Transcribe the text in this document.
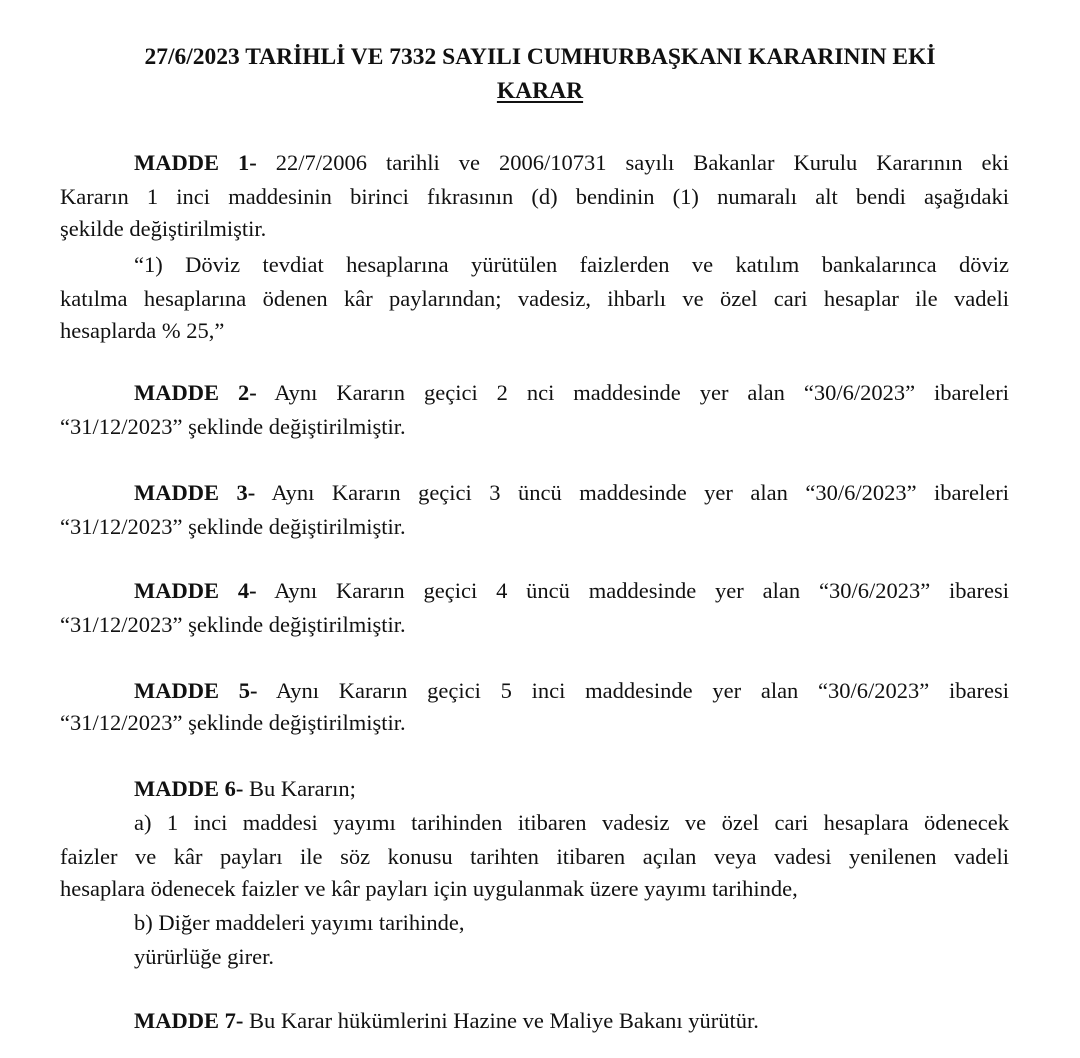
27/6/2023 TARİHLİ VE 7332 SAYILI CUMHURBAŞKANI KARARININ EKİ
KARAR
MADDE 1- 22/7/2006 tarihli ve 2006/10731 sayılı Bakanlar Kurulu Kararının eki
Kararın 1 inci maddesinin birinci fıkrasının (d) bendinin (1) numaralı alt bendi aşağıdaki
şekilde değiştirilmiştir.
“1) Döviz tevdiat hesaplarına yürütülen faizlerden ve katılım bankalarınca döviz
katılma hesaplarına ödenen kâr paylarından; vadesiz, ihbarlı ve özel cari hesaplar ile vadeli
hesaplarda % 25,”
MADDE 2- Aynı Kararın geçici 2 nci maddesinde yer alan “30/6/2023” ibareleri
“31/12/2023” şeklinde değiştirilmiştir.
MADDE 3- Aynı Kararın geçici 3 üncü maddesinde yer alan “30/6/2023” ibareleri
“31/12/2023” şeklinde değiştirilmiştir.
MADDE 4- Aynı Kararın geçici 4 üncü maddesinde yer alan “30/6/2023” ibaresi
“31/12/2023” şeklinde değiştirilmiştir.
MADDE 5- Aynı Kararın geçici 5 inci maddesinde yer alan “30/6/2023” ibaresi
“31/12/2023” şeklinde değiştirilmiştir.
MADDE 6- Bu Kararın;
a) 1 inci maddesi yayımı tarihinden itibaren vadesiz ve özel cari hesaplara ödenecek
faizler ve kâr payları ile söz konusu tarihten itibaren açılan veya vadesi yenilenen vadeli
hesaplara ödenecek faizler ve kâr payları için uygulanmak üzere yayımı tarihinde,
b) Diğer maddeleri yayımı tarihinde,
yürürlüğe girer.
MADDE 7- Bu Karar hükümlerini Hazine ve Maliye Bakanı yürütür.
